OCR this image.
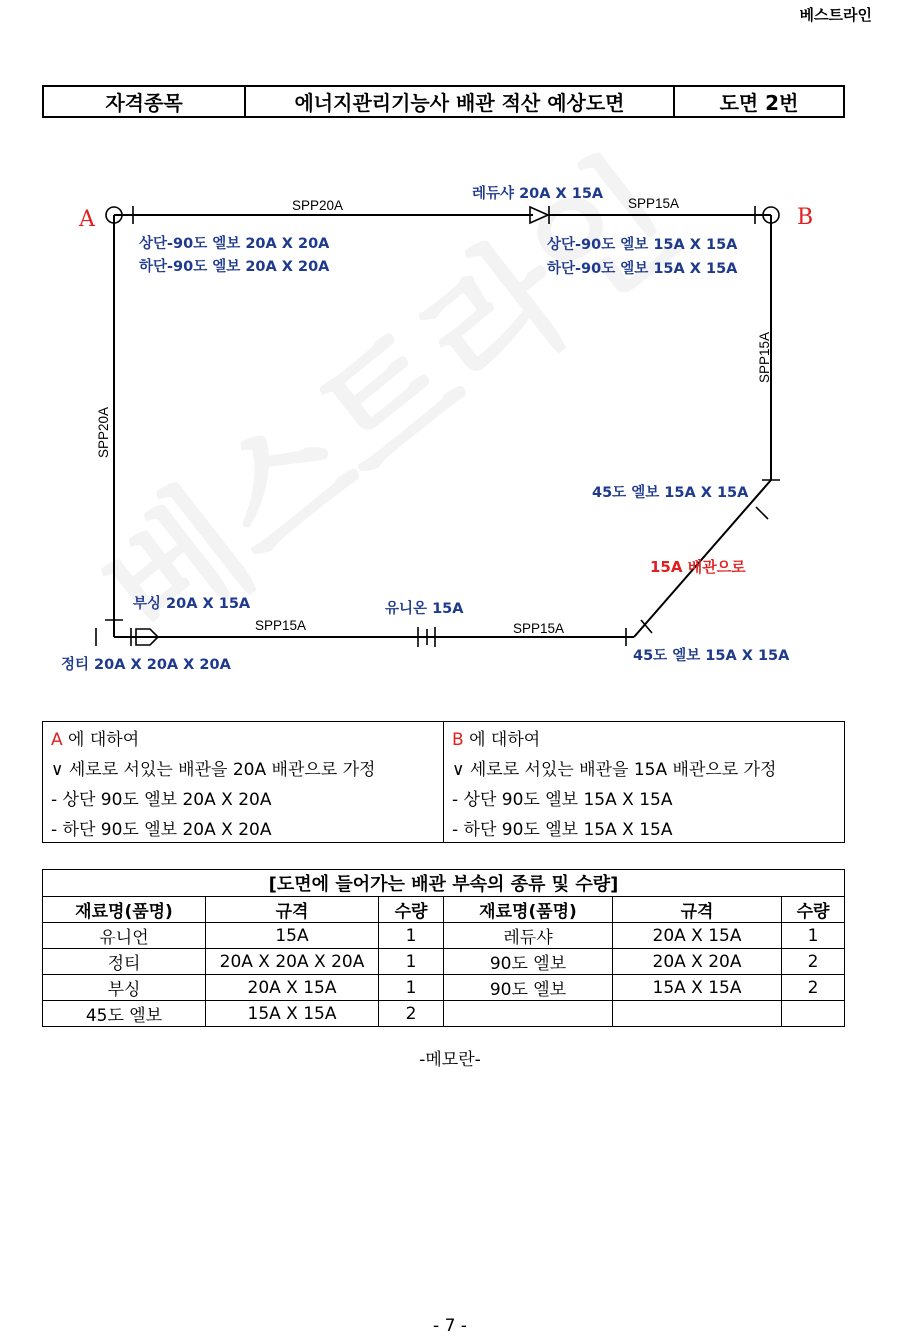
베스트라인
자격종목	에너지관리기능사 배관 적산 예상도면	도면 2번
A	B
SPP20A	SPP15A
SPP20A
SPP15A
SPP15A	SPP15A
레듀샤 20A X 15A
상단-90도 엘보 20A X 20A
하단-90도 엘보 20A X 20A
상단-90도 엘보 15A X 15A
하단-90도 엘보 15A X 15A
45도 엘보 15A X 15A
15A 배관으로
45도 엘보 15A X 15A
부싱 20A X 15A
정티 20A X 20A X 20A
유니온 15A
A 에 대하여	B 에 대하여
∨ 세로로 서있는 배관을 20A 배관으로 가정	∨ 세로로 서있는 배관을 15A 배관으로 가정
- 상단 90도 엘보 20A X 20A	- 상단 90도 엘보 15A X 15A
- 하단 90도 엘보 20A X 20A	- 하단 90도 엘보 15A X 15A
[도면에 들어가는 배관 부속의 종류 및 수량]					
재료명(품명)	규격	수량	재료명(품명)	규격	수량
유니언	15A	1	레듀샤	20A X 15A	1
정티	20A X 20A X 20A	1	90도 엘보	20A X 20A	2
부싱	20A X 15A	1	90도 엘보	15A X 15A	2
45도 엘보	15A X 15A	2			
-메모란-
- 7 -
